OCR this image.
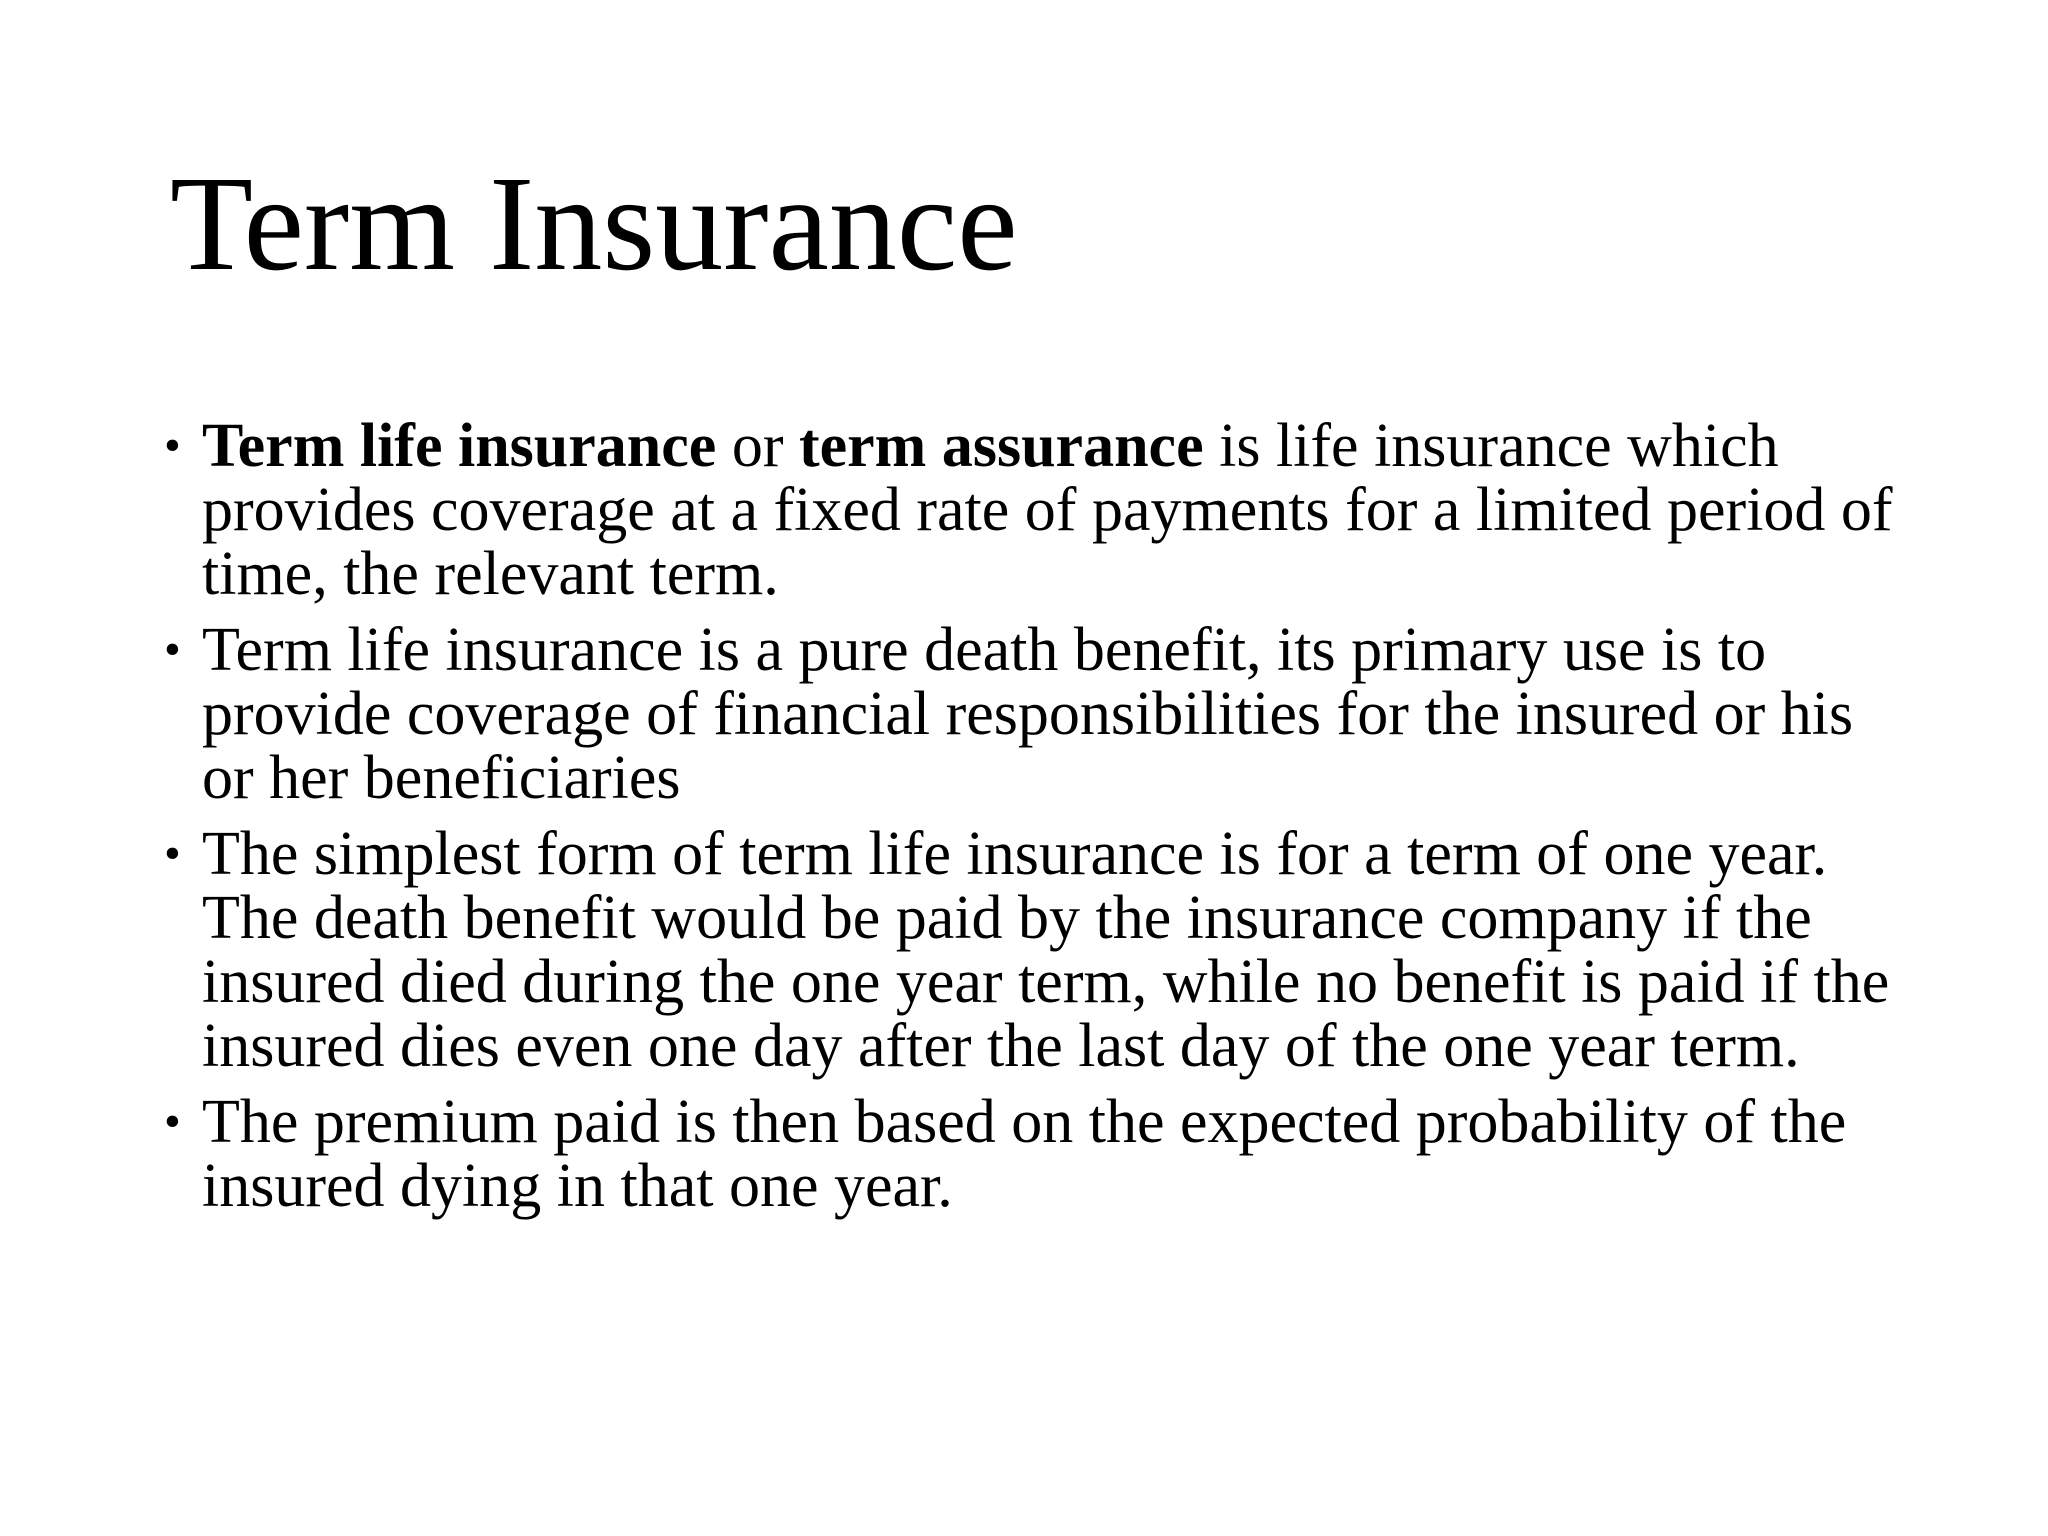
Term Insurance
• Term life insurance or term assurance is life insurance which provides coverage at a fixed rate of payments for a limited period of time, the relevant term.
• Term life insurance is a pure death benefit, its primary use is to provide coverage of financial responsibilities for the insured or his or her beneficiaries
• The simplest form of term life insurance is for a term of one year. The death benefit would be paid by the insurance company if the insured died during the one year term, while no benefit is paid if the insured dies even one day after the last day of the one year term.
• The premium paid is then based on the expected probability of the insured dying in that one year.
